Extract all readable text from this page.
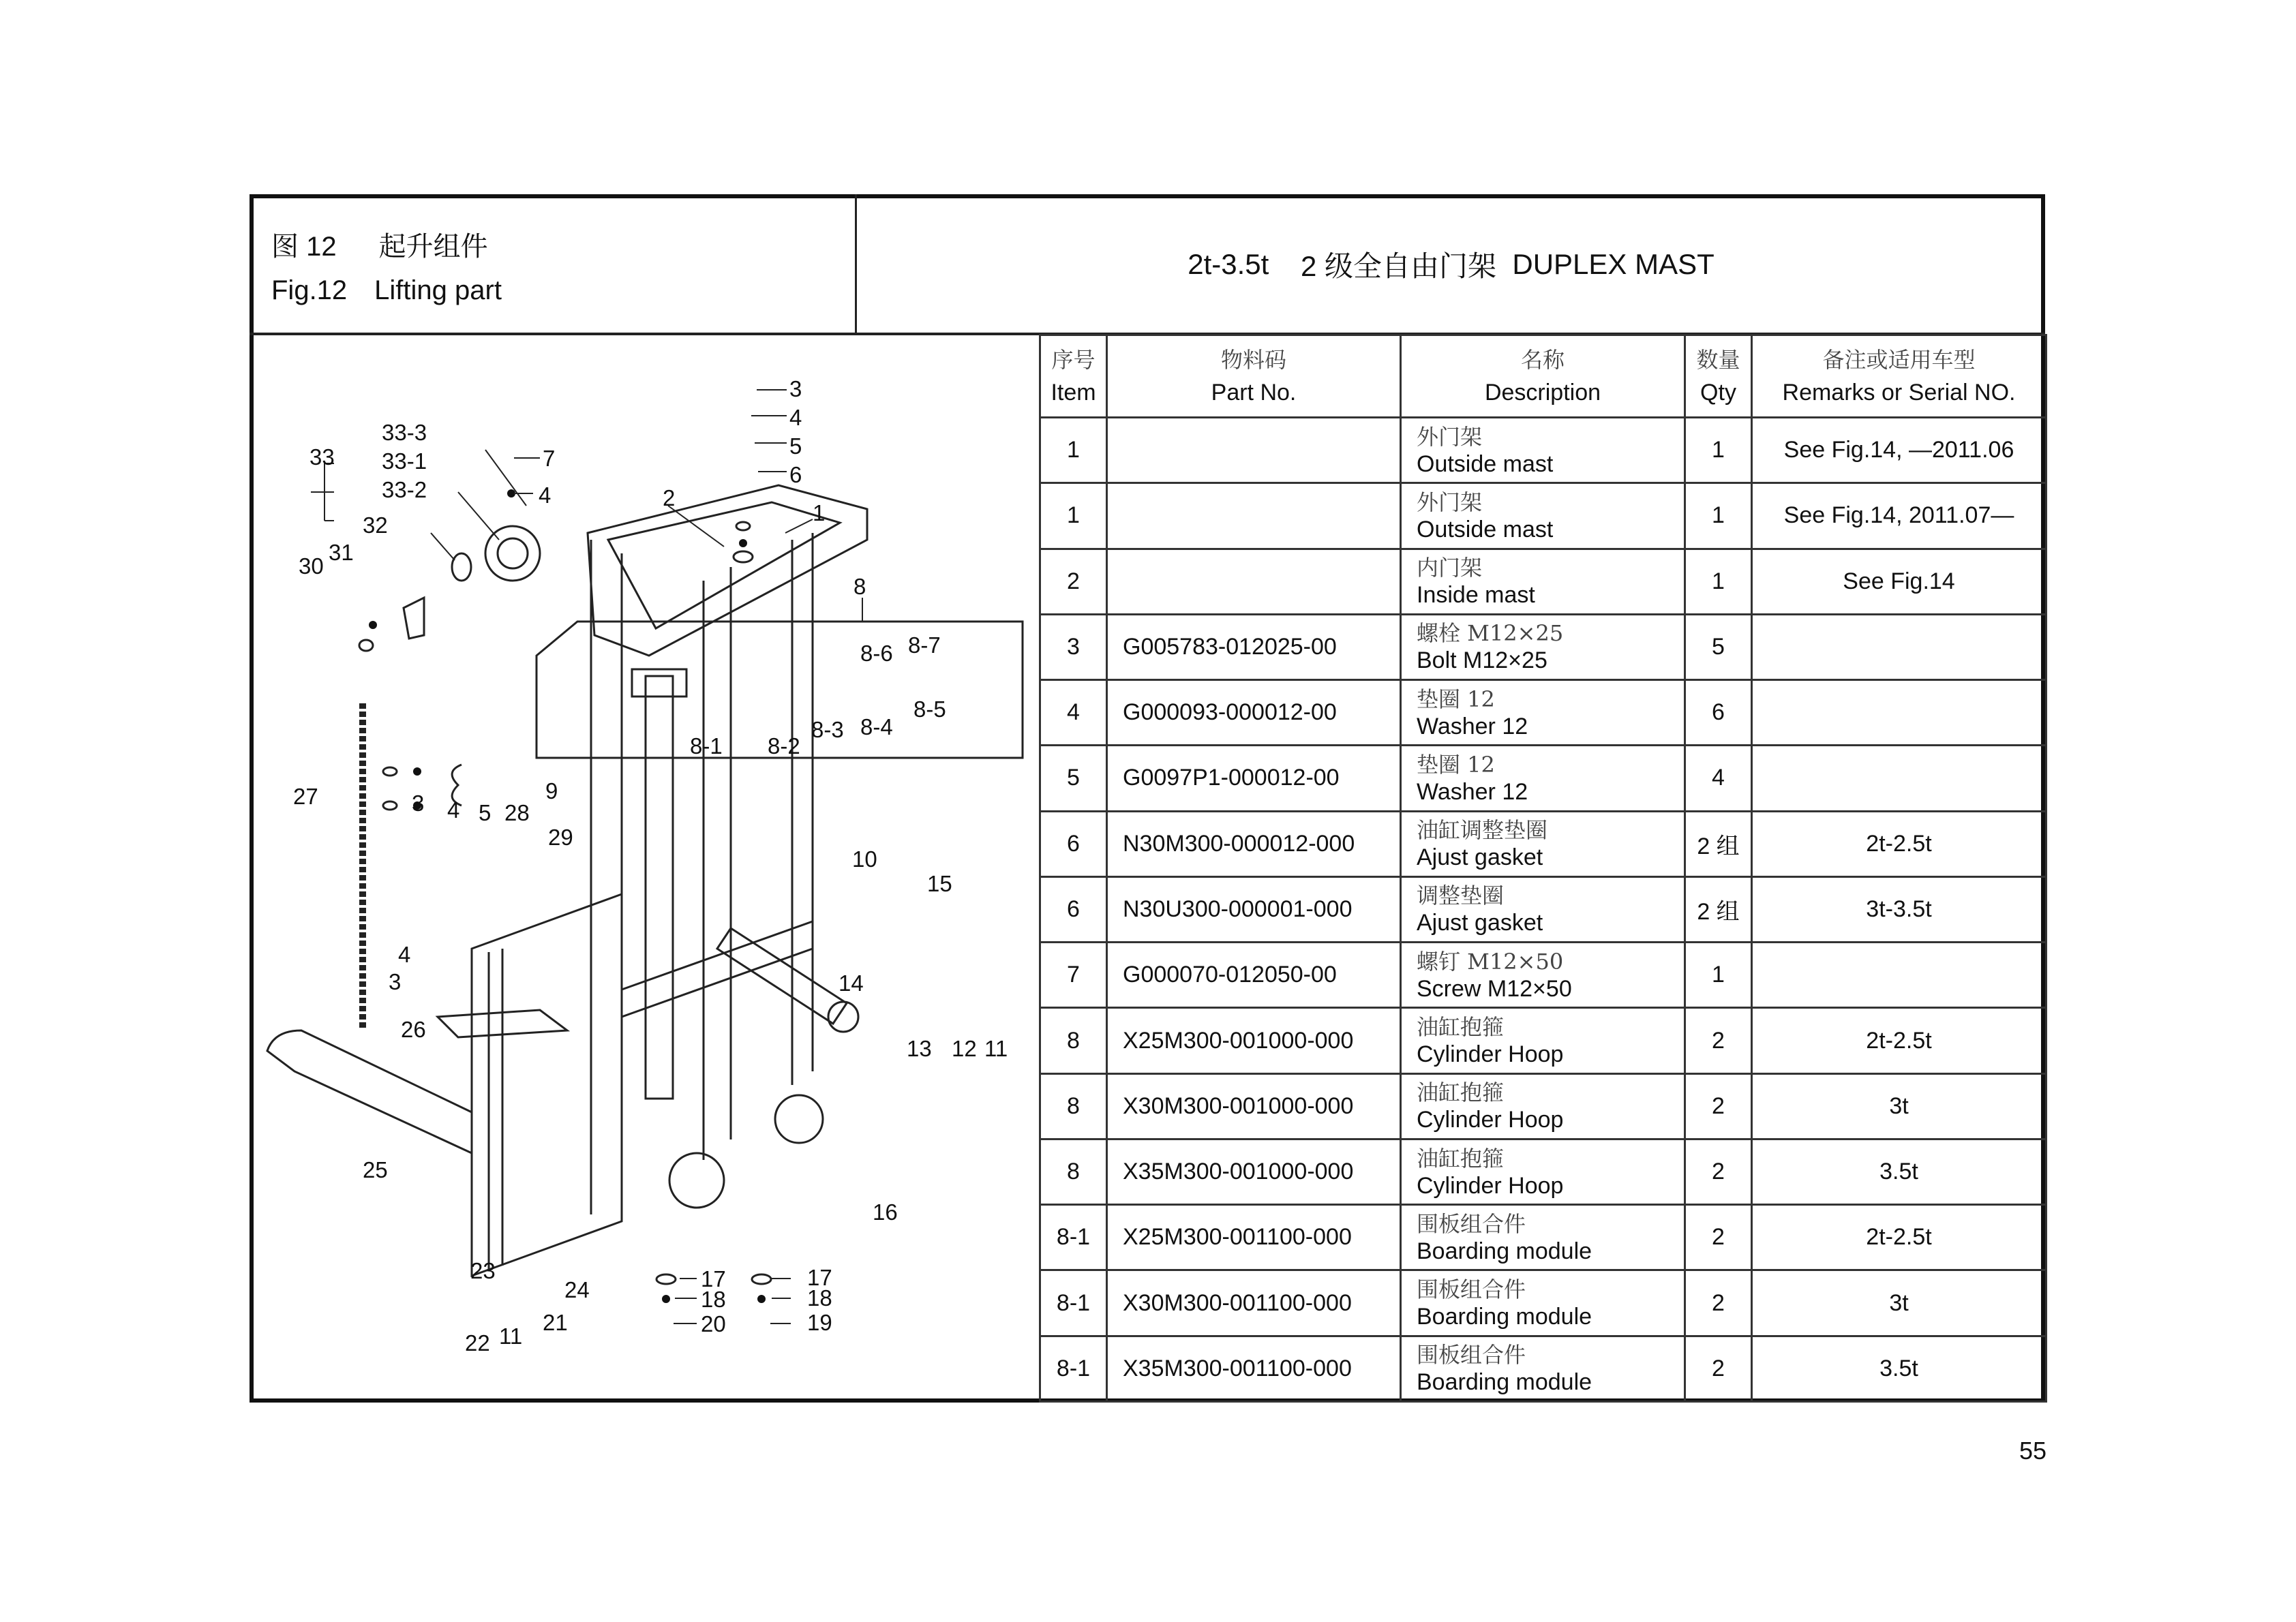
图 12 起升组件
Fig.12 Lifting part
2t-3.5t
2 级全自由门架
DUPLEX MAST
33
33-3
33-1
33-2
7
4
32
31
30
2
3
4
5
6
1
8
8-6 8-7
8-5
8-4
8-3
8-2
8-1
27	9
3 4 5 28
29
10
15
14
4
3
26
13 12 11
25
16
23
24
21
22 11
17
18
20
17
18
19
序号
Item	物料码
Part No.	名称
Description	数量
Qty	备注或适用车型
Remarks or Serial NO.
1		外门架
Outside mast	1	See Fig.14, —2011.06
1		外门架
Outside mast	1	See Fig.14, 2011.07—
2		内门架
Inside mast	1	See Fig.14
3	G005783-012025-00	螺栓 M12×25
Bolt M12×25	5	
4	G000093-000012-00	垫圈 12
Washer 12	6	
5	G0097P1-000012-00	垫圈 12
Washer 12	4	
6	N30M300-000012-000	油缸调整垫圈
Ajust gasket	2 组	2t-2.5t
6	N30U300-000001-000	调整垫圈
Ajust gasket	2 组	3t-3.5t
7	G000070-012050-00	螺钉 M12×50
Screw M12×50	1	
8	X25M300-001000-000	油缸抱箍
Cylinder Hoop	2	2t-2.5t
8	X30M300-001000-000	油缸抱箍
Cylinder Hoop	2	3t
8	X35M300-001000-000	油缸抱箍
Cylinder Hoop	2	3.5t
8-1	X25M300-001100-000	围板组合件
Boarding module	2	2t-2.5t
8-1	X30M300-001100-000	围板组合件
Boarding module	2	3t
8-1	X35M300-001100-000	围板组合件
Boarding module	2	3.5t
55
